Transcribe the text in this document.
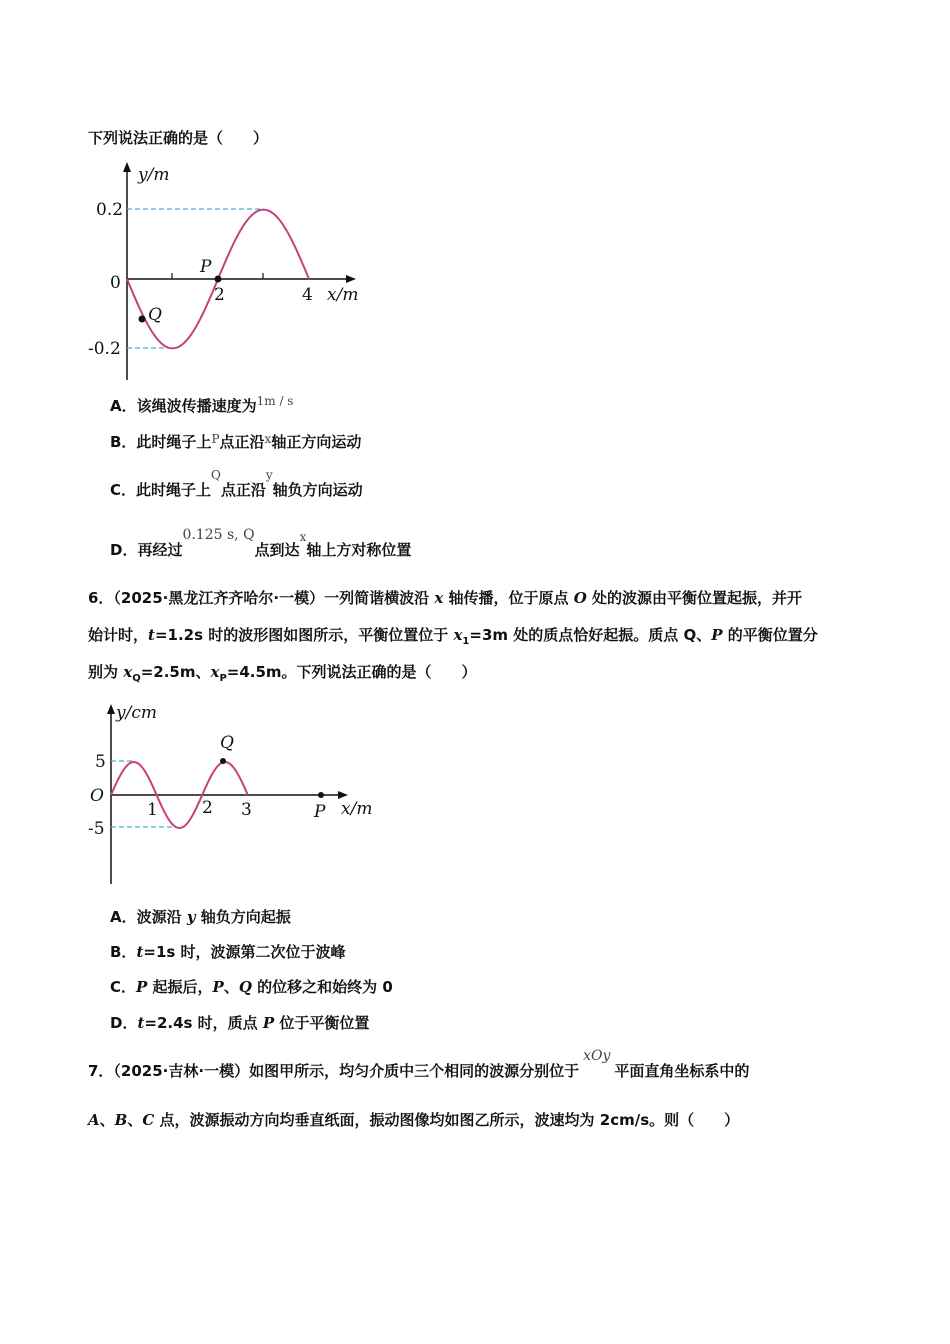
下列说法正确的是（　　）
y/m
x/m
0.2
0
-0.2
2	4
P
Q
A．该绳波传播速度为$^{1m / s}$
B．此时绳子上$^P$点正沿$^x$轴正方向运动
C．此时绳子上$^Q$点正沿$^y$轴负方向运动
D．再经过0.125 s, Q点到达$^x$轴上方对称位置
6．（2025·黑龙江齐齐哈尔·一模）一列简谐横波沿 x 轴传播，位于原点 O 处的波源由平衡位置起振，并开
始计时，t=1.2s 时的波形图如图所示，平衡位置位于 $x_1=3m$ 处的质点恰好起振。质点 Q、P 的平衡位置分
别为 $x_Q=2.5m$、$x_P=4.5m$。下列说法正确的是（　　）
y/cm
x/m
5
-5
O
1	2 3
Q
P
A．波源沿 y 轴负方向起振
B．t=1s 时，波源第二次位于波峰
C．P 起振后，P、Q 的位移之和始终为 0
D．t=2.4s 时，质点 P 位于平衡位置
7．（2025·吉林·一模）如图甲所示，均匀介质中三个相同的波源分别位于xOy平面直角坐标系中的
A、B、C 点，波源振动方向均垂直纸面，振动图像均如图乙所示，波速均为 2cm/s。则（　　）
